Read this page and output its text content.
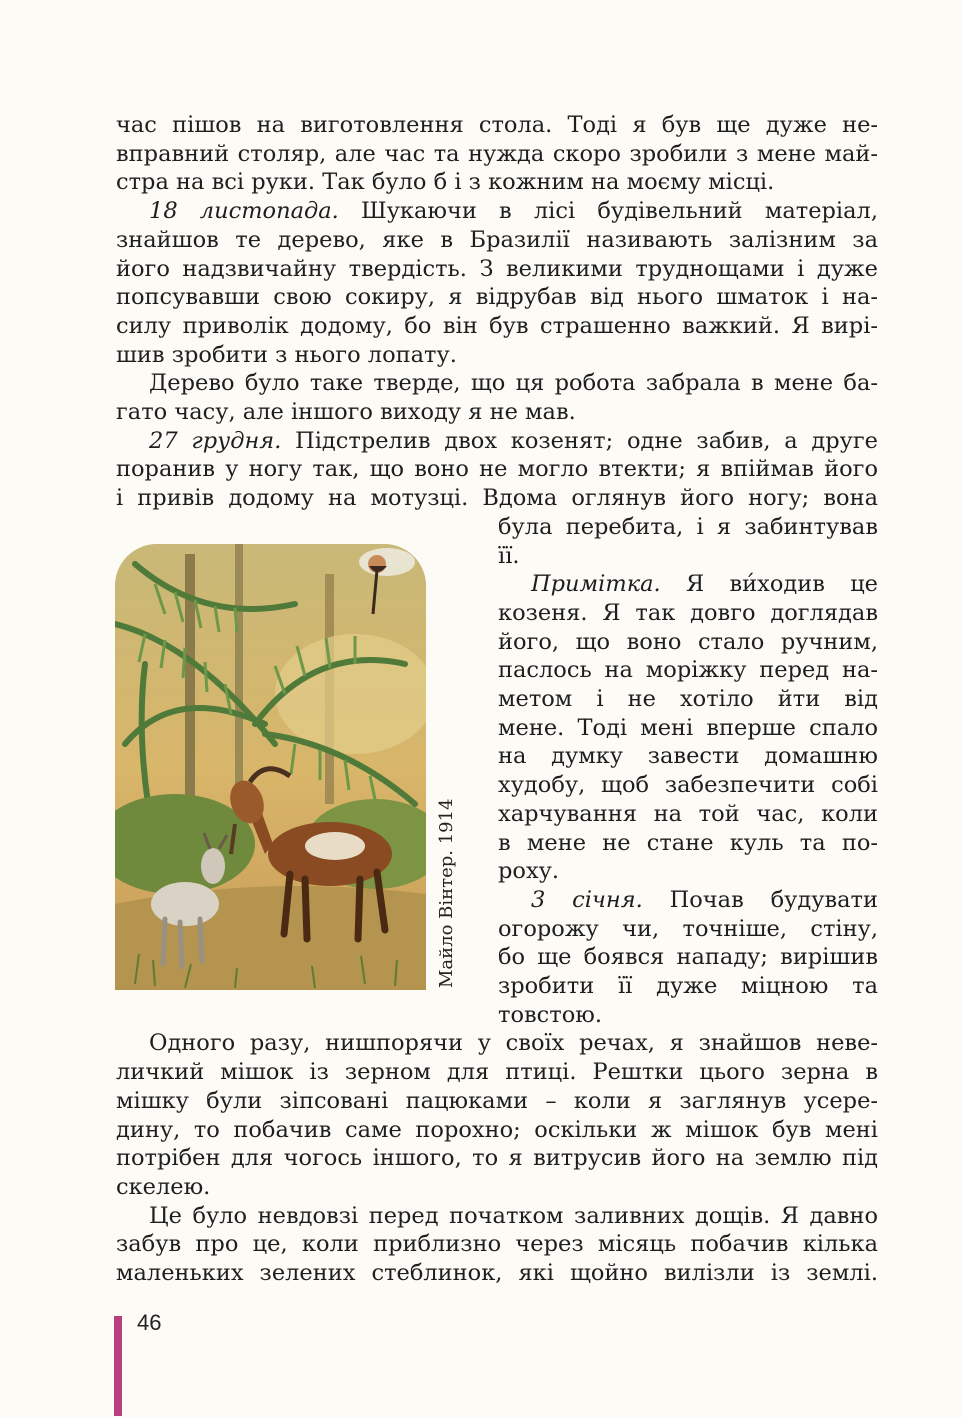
час пішов на виготовлення стола. Тоді я був ще дуже не-
вправний столяр, але час та нужда скоро зробили з мене май-
стра на всі руки. Так було б і з кожним на моєму місці.
18 листопада. Шукаючи в лісі будівельний матеріал,
знайшов те дерево, яке в Бразилії називають залізним за
його надзвичайну твердість. З великими труднощами і дуже
попсувавши свою сокиру, я відрубав від нього шматок і на-
силу приволік додому, бо він був страшенно важкий. Я вирі-
шив зробити з нього лопату.
Дерево було таке тверде, що ця робота забрала в мене ба-
гато часу, але іншого виходу я не мав.
27 грудня. Підстрелив двох козенят; одне забив, а друге
поранив у ногу так, що воно не могло втекти; я впіймав його
і привів додому на мотузці. Вдома оглянув його ногу; вона
була перебита, і я забинтував
її.
Примітка. Я ви́ходив це
козеня. Я так довго доглядав
його, що воно стало ручним,
паслось на моріжку перед на-
метом і не хотіло йти від
мене. Тоді мені вперше спало
на думку завести домашню
худобу, щоб забезпечити собі
харчування на той час, коли
в мене не стане куль та по-
роху.
3 січня. Почав будувати
огорожу чи, точніше, стіну,
бо ще боявся нападу; вирішив
зробити її дуже міцною та
товстою.
Одного разу, нишпорячи у своїх речах, я знайшов неве-
личкий мішок із зерном для птиці. Рештки цього зерна в
мішку були зіпсовані пацюками – коли я заглянув усере-
дину, то побачив саме порохно; оскільки ж мішок був мені
потрібен для чогось іншого, то я витрусив його на землю під
скелею.
Це було невдовзі перед початком заливних дощів. Я давно
забув про це, коли приблизно через місяць побачив кілька
маленьких зелених стеблинок, які щойно вилізли із землі.
Майло Вінтер. 1914
46
